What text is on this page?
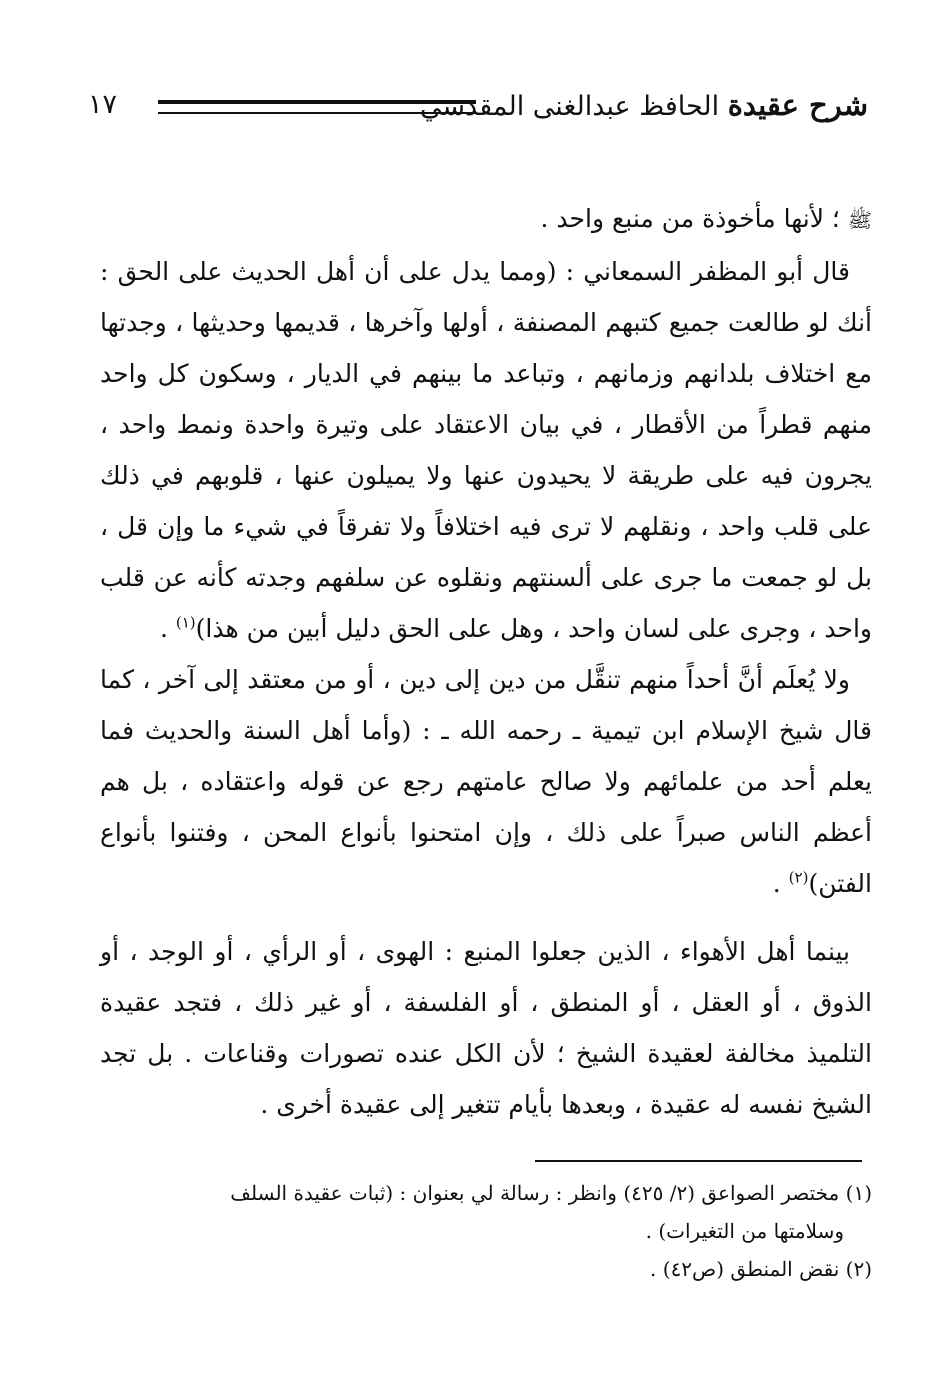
شرح عقيدة الحافظ عبدالغنى المقدسي
١٧

ﷺ ؛ لأنها مأخوذة من منبع واحد .

قال أبو المظفر السمعاني : (ومما يدل على أن أهل الحديث على الحق : أنك لو طالعت جميع كتبهم المصنفة ، أولها وآخرها ، قديمها وحديثها ، وجدتها مع اختلاف بلدانهم وزمانهم ، وتباعد ما بينهم في الديار ، وسكون كل واحد منهم قطراً من الأقطار ، في بيان الاعتقاد على وتيرة واحدة ونمط واحد ، يجرون فيه على طريقة لا يحيدون عنها ولا يميلون عنها ، قلوبهم في ذلك على قلب واحد ، ونقلهم لا ترى فيه اختلافاً ولا تفرقاً في شيء ما وإن قل ، بل لو جمعت ما جرى على ألسنتهم ونقلوه عن سلفهم وجدته كأنه عن قلب واحد ، وجرى على لسان واحد ، وهل على الحق دليل أبين من هذا)$^{(١)}$ .

ولا يُعلَم أنَّ أحداً منهم تنقَّل من دين إلى دين ، أو من معتقد إلى آخر ، كما قال شيخ الإسلام ابن تيمية ـ رحمه الله ـ : (وأما أهل السنة والحديث فما يعلم أحد من علمائهم ولا صالح عامتهم رجع عن قوله واعتقاده ، بل هم أعظم الناس صبراً على ذلك ، وإن امتحنوا بأنواع المحن ، وفتنوا بأنواع الفتن)$^{(٢)}$ .

بينما أهل الأهواء ، الذين جعلوا المنبع : الهوى ، أو الرأي ، أو الوجد ، أو الذوق ، أو العقل ، أو المنطق ، أو الفلسفة ، أو غير ذلك ، فتجد عقيدة التلميذ مخالفة لعقيدة الشيخ ؛ لأن الكل عنده تصورات وقناعات . بل تجد الشيخ نفسه له عقيدة ، وبعدها بأيام تتغير إلى عقيدة أخرى .

(١) مختصر الصواعق (٢/ ٤٢٥) وانظر : رسالة لي بعنوان : (ثبات عقيدة السلف

وسلامتها من التغيرات) .

(٢) نقض المنطق (ص٤٢) .
